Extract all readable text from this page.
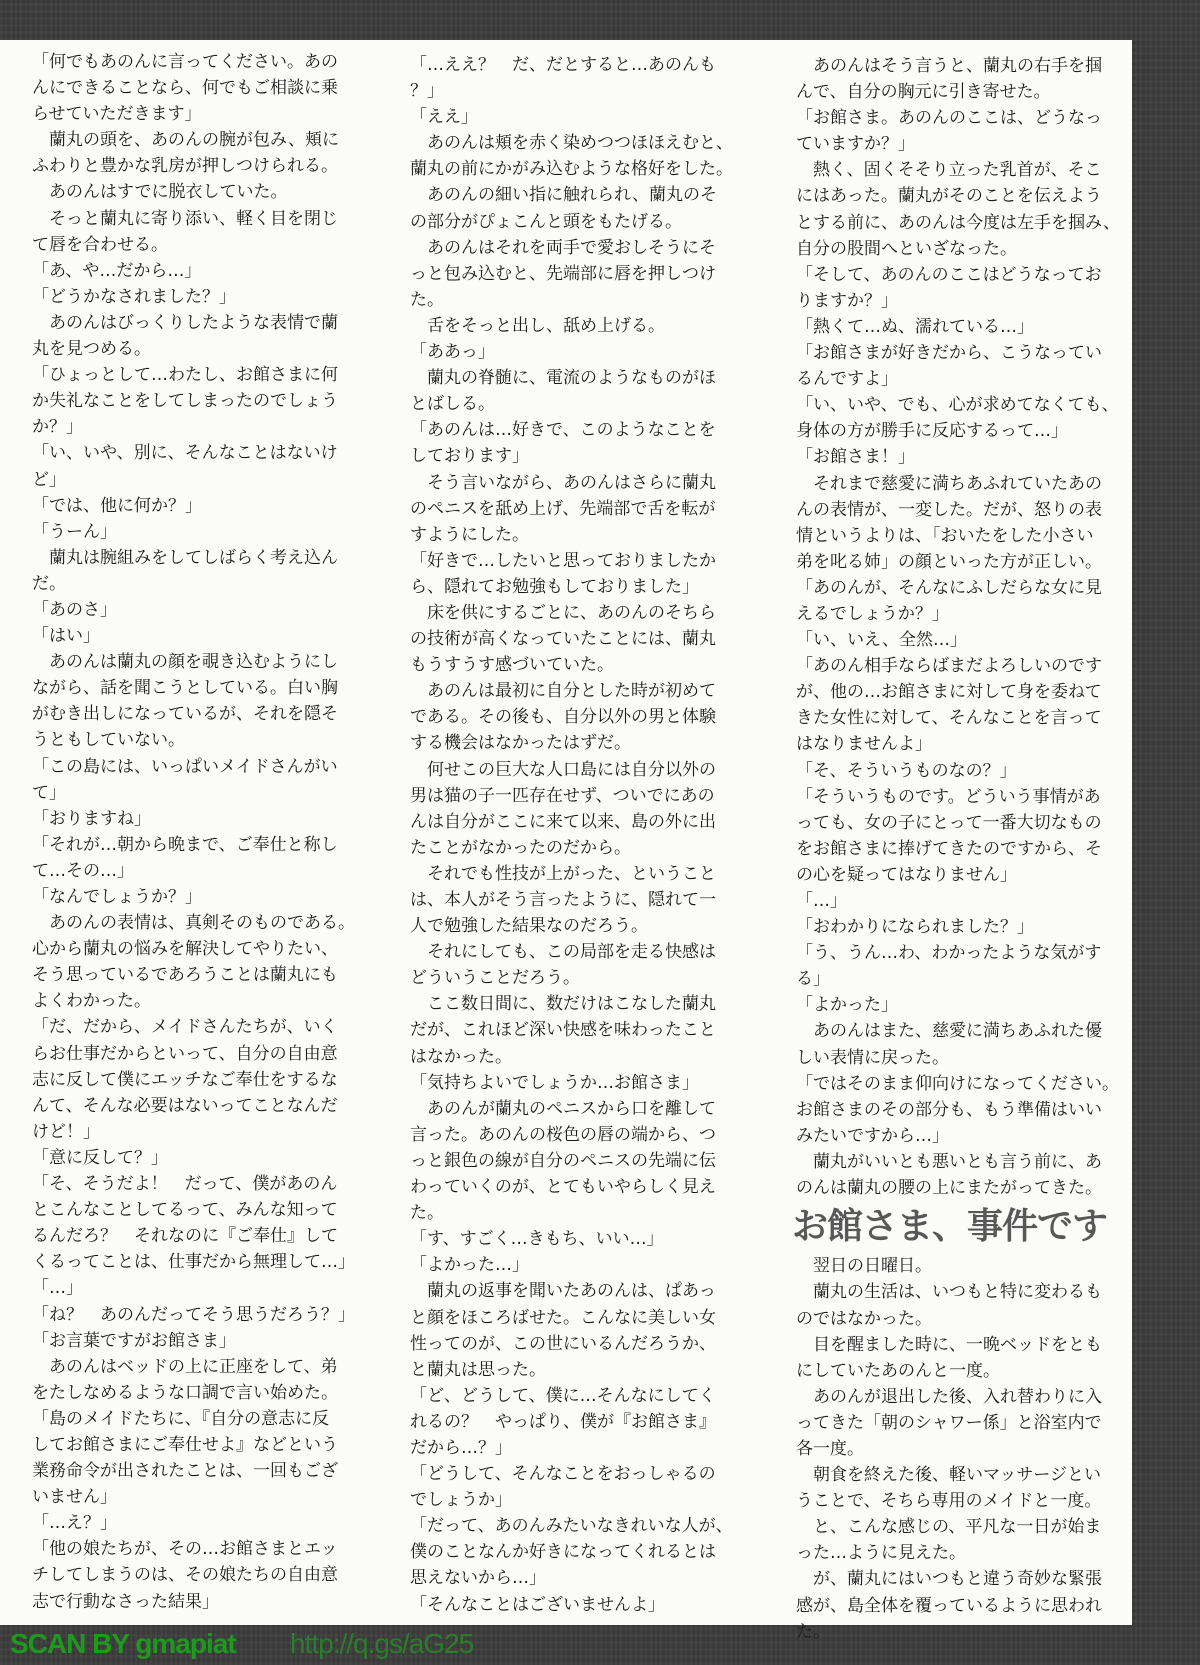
「何でもあのんに言ってください。あの
んにできることなら、何でもご相談に乗
らせていただきます」
　蘭丸の頭を、あのんの腕が包み、頬に
ふわりと豊かな乳房が押しつけられる。
　あのんはすでに脱衣していた。
　そっと蘭丸に寄り添い、軽く目を閉じ
て唇を合わせる。
「あ、や…だから…」
「どうかなされました？」
　あのんはびっくりしたような表情で蘭
丸を見つめる。
「ひょっとして…わたし、お館さまに何
か失礼なことをしてしまったのでしょう
か？」
「い、いや、別に、そんなことはないけ
ど」
「では、他に何か？」
「うーん」
　蘭丸は腕組みをしてしばらく考え込ん
だ。
「あのさ」
「はい」
　あのんは蘭丸の顔を覗き込むようにし
ながら、話を聞こうとしている。白い胸
がむき出しになっているが、それを隠そ
うともしていない。
「この島には、いっぱいメイドさんがい
て」
「おりますね」
「それが…朝から晩まで、ご奉仕と称し
て…その…」
「なんでしょうか？」
　あのんの表情は、真剣そのものである。
心から蘭丸の悩みを解決してやりたい、
そう思っているであろうことは蘭丸にも
よくわかった。
「だ、だから、メイドさんたちが、いく
らお仕事だからといって、自分の自由意
志に反して僕にエッチなご奉仕をするな
んて、そんな必要はないってことなんだ
けど！」
「意に反して？」
「そ、そうだよ！　だって、僕があのん
とこんなことしてるって、みんな知って
るんだろ？　それなのに『ご奉仕』して
くるってことは、仕事だから無理して…」
「…」
「ね？　あのんだってそう思うだろう？」
「お言葉ですがお館さま」
　あのんはベッドの上に正座をして、弟
をたしなめるような口調で言い始めた。
「島のメイドたちに、『自分の意志に反
してお館さまにご奉仕せよ』などという
業務命令が出されたことは、一回もござ
いません」
「…え？」
「他の娘たちが、その…お館さまとエッ
チしてしまうのは、その娘たちの自由意
志で行動なさった結果」
「…ええ？　だ、だとすると…あのんも
？」
「ええ」
　あのんは頬を赤く染めつつほほえむと、
蘭丸の前にかがみ込むような格好をした。
　あのんの細い指に触れられ、蘭丸のそ
の部分がぴょこんと頭をもたげる。
　あのんはそれを両手で愛おしそうにそ
っと包み込むと、先端部に唇を押しつけ
た。
　舌をそっと出し、舐め上げる。
「ああっ」
　蘭丸の脊髄に、電流のようなものがほ
とばしる。
「あのんは…好きで、このようなことを
しております」
　そう言いながら、あのんはさらに蘭丸
のペニスを舐め上げ、先端部で舌を転が
すようにした。
「好きで…したいと思っておりましたか
ら、隠れてお勉強もしておりました」
　床を供にするごとに、あのんのそちら
の技術が高くなっていたことには、蘭丸
もうすうす感づいていた。
　あのんは最初に自分とした時が初めて
である。その後も、自分以外の男と体験
する機会はなかったはずだ。
　何せこの巨大な人口島には自分以外の
男は猫の子一匹存在せず、ついでにあの
んは自分がここに来て以来、島の外に出
たことがなかったのだから。
　それでも性技が上がった、ということ
は、本人がそう言ったように、隠れて一
人で勉強した結果なのだろう。
　それにしても、この局部を走る快感は
どういうことだろう。
　ここ数日間に、数だけはこなした蘭丸
だが、これほど深い快感を味わったこと
はなかった。
「気持ちよいでしょうか…お館さま」
　あのんが蘭丸のペニスから口を離して
言った。あのんの桜色の唇の端から、つ
っと銀色の線が自分のペニスの先端に伝
わっていくのが、とてもいやらしく見え
た。
「す、すごく…きもち、いい…」
「よかった…」
　蘭丸の返事を聞いたあのんは、ぱあっ
と顔をほころばせた。こんなに美しい女
性ってのが、この世にいるんだろうか、
と蘭丸は思った。
「ど、どうして、僕に…そんなにしてく
れるの？　やっぱり、僕が『お館さま』
だから…？」
「どうして、そんなことをおっしゃるの
でしょうか」
「だって、あのんみたいなきれいな人が、
僕のことなんか好きになってくれるとは
思えないから…」
「そんなことはございませんよ」
　あのんはそう言うと、蘭丸の右手を掴
んで、自分の胸元に引き寄せた。
「お館さま。あのんのここは、どうなっ
ていますか？」
　熱く、固くそそり立った乳首が、そこ
にはあった。蘭丸がそのことを伝えよう
とする前に、あのんは今度は左手を掴み、
自分の股間へといざなった。
「そして、あのんのここはどうなってお
りますか？」
「熱くて…ぬ、濡れている…」
「お館さまが好きだから、こうなってい
るんですよ」
「い、いや、でも、心が求めてなくても、
身体の方が勝手に反応するって…」
「お館さま！」
　それまで慈愛に満ちあふれていたあの
んの表情が、一変した。だが、怒りの表
情というよりは、「おいたをした小さい
弟を叱る姉」の顔といった方が正しい。
「あのんが、そんなにふしだらな女に見
えるでしょうか？」
「い、いえ、全然…」
「あのん相手ならばまだよろしいのです
が、他の…お館さまに対して身を委ねて
きた女性に対して、そんなことを言って
はなりませんよ」
「そ、そういうものなの？」
「そういうものです。どういう事情があ
っても、女の子にとって一番大切なもの
をお館さまに捧げてきたのですから、そ
の心を疑ってはなりません」
「…」
「おわかりになられました？」
「う、うん…わ、わかったような気がす
る」
「よかった」
　あのんはまた、慈愛に満ちあふれた優
しい表情に戻った。
「ではそのまま仰向けになってください。
お館さまのその部分も、もう準備はいい
みたいですから…」
　蘭丸がいいとも悪いとも言う前に、あ
のんは蘭丸の腰の上にまたがってきた。
お館さま、事件です
　翌日の日曜日。
　蘭丸の生活は、いつもと特に変わるも
のではなかった。
　目を醒ました時に、一晩ベッドをとも
にしていたあのんと一度。
　あのんが退出した後、入れ替わりに入
ってきた「朝のシャワー係」と浴室内で
各一度。
　朝食を終えた後、軽いマッサージとい
うことで、そちら専用のメイドと一度。
　と、こんな感じの、平凡な一日が始ま
った…ように見えた。
　が、蘭丸にはいつもと違う奇妙な緊張
感が、島全体を覆っているように思われ
た。
SCAN BY gmapiat http://q.gs/aG25
